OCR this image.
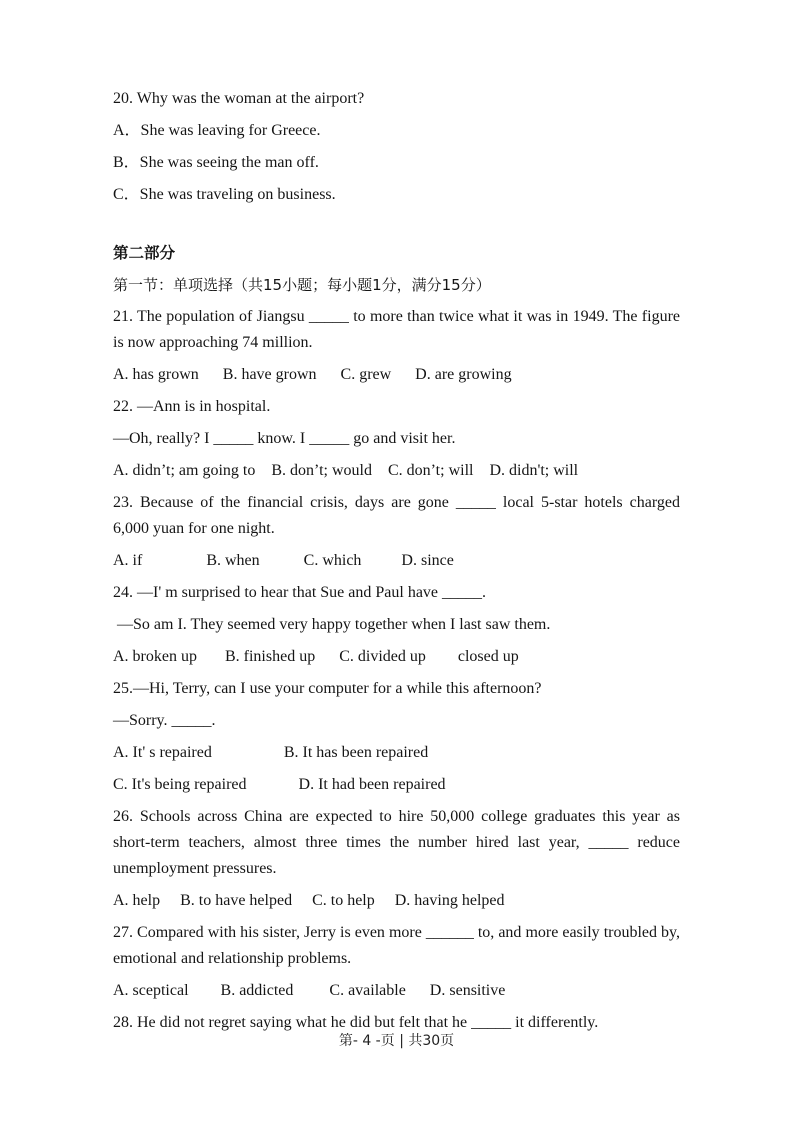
20. Why was the woman at the airport?
A．She was leaving for Greece.
B．She was seeing the man off.
C．She was traveling on business.
第二部分
第一节：单项选择（共15小题；每小题1分，满分15分）
21. The population of Jiangsu _____ to more than twice what it was in 1949. The figure is now approaching 74 million.
A. has grown      B. have grown      C. grew      D. are growing
22. —Ann is in hospital.
—Oh, really? I _____ know. I _____ go and visit her.
A. didn’t; am going to    B. don’t; would    C. don’t; will    D. didn't; will
23. Because of the financial crisis, days are gone _____ local 5-star hotels charged 6,000 yuan for one night.
A. if                B. when           C. which          D. since
24. —I' m surprised to hear that Sue and Paul have _____.
—So am I. They seemed very happy together when I last saw them.
A. broken up       B. finished up      C. divided up        closed up
25.—Hi, Terry, can I use your computer for a while this afternoon?
—Sorry. _____.
A. It' s repaired                  B. It has been repaired
C. It's being repaired             D. It had been repaired
26. Schools across China are expected to hire 50,000 college graduates this year as short-term teachers, almost three times the number hired last year, _____ reduce unemployment pressures.
A. help     B. to have helped     C. to help     D. having helped
27. Compared with his sister, Jerry is even more ______ to, and more easily troubled by, emotional and relationship problems.
A. sceptical        B. addicted         C. available      D. sensitive
28. He did not regret saying what he did but felt that he _____ it differently.
第- 4 -页 | 共30页
